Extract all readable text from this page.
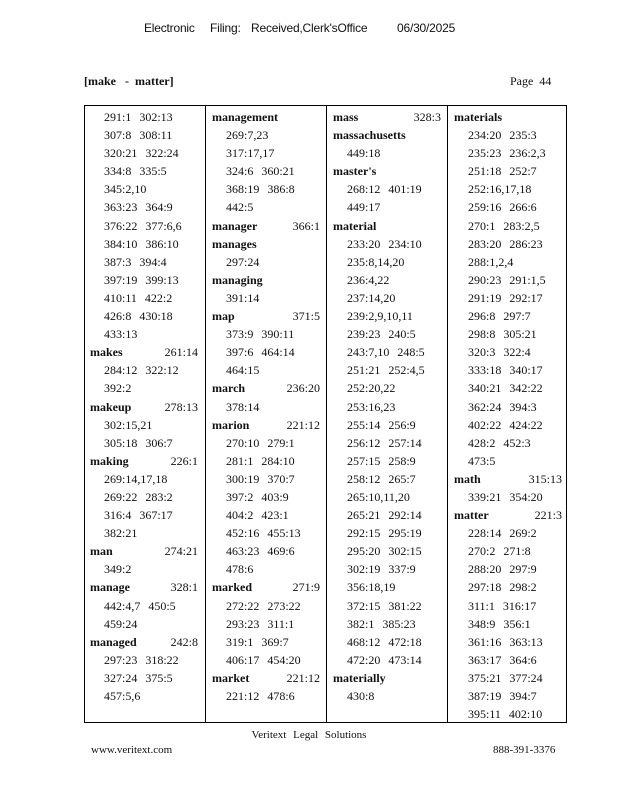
Electronic Filing: Received,Clerk'sOffice 06/30/2025
[make   -  matter]	Page  44
291:1 302:13
307:8 308:11
320:21 322:24
334:8 335:5
345:2,10
363:23 364:9
376:22 377:6,6
384:10 386:10
387:3 394:4
397:19 399:13
410:11 422:2
426:8 430:18
433:13
makes	261:14
284:12 322:12
392:2
makeup	278:13
302:15,21
305:18 306:7
making	226:1
269:14,17,18
269:22 283:2
316:4 367:17
382:21
man	274:21
349:2
manage	328:1
442:4,7 450:5
459:24
managed	242:8
297:23 318:22
327:24 375:5
457:5,6
management
269:7,23
317:17,17
324:6 360:21
368:19 386:8
442:5
manager	366:1
manages
297:24
managing
391:14
map	371:5
373:9 390:11
397:6 464:14
464:15
march	236:20
378:14
marion	221:12
270:10 279:1
281:1 284:10
300:19 370:7
397:2 403:9
404:2 423:1
452:16 455:13
463:23 469:6
478:6
marked	271:9
272:22 273:22
293:23 311:1
319:1 369:7
406:17 454:20
market	221:12
221:12 478:6
mass	328:3
massachusetts
449:18
master's
268:12 401:19
449:17
material
233:20 234:10
235:8,14,20
236:4,22
237:14,20
239:2,9,10,11
239:23 240:5
243:7,10 248:5
251:21 252:4,5
252:20,22
253:16,23
255:14 256:9
256:12 257:14
257:15 258:9
258:12 265:7
265:10,11,20
265:21 292:14
292:15 295:19
295:20 302:15
302:19 337:9
356:18,19
372:15 381:22
382:1 385:23
468:12 472:18
472:20 473:14
materially
430:8
materials
234:20 235:3
235:23 236:2,3
251:18 252:7
252:16,17,18
259:16 266:6
270:1 283:2,5
283:20 286:23
288:1,2,4
290:23 291:1,5
291:19 292:17
296:8 297:7
298:8 305:21
320:3 322:4
333:18 340:17
340:21 342:22
362:24 394:3
402:22 424:22
428:2 452:3
473:5
math	315:13
339:21 354:20
matter	221:3
228:14 269:2
270:2 271:8
288:20 297:9
297:18 298:2
311:1 316:17
348:9 356:1
361:16 363:13
363:17 364:6
375:21 377:24
387:19 394:7
395:11 402:10
Veritext Legal Solutions
www.veritext.com	888-391-3376
